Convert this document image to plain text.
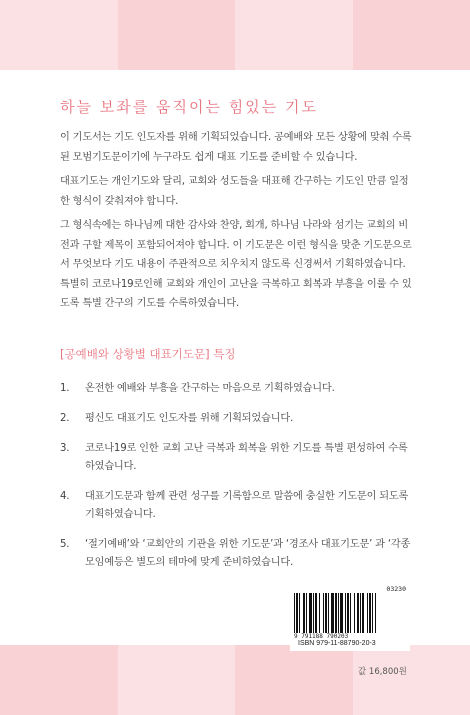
하늘 보좌를 움직이는 힘있는 기도

이 기도서는 기도 인도자를 위해 기획되었습니다. 공예배와 모든 상황에 맞춰 수록된 모범기도문이기에 누구라도 쉽게 대표 기도를 준비할 수 있습니다.

대표기도는 개인기도와 달리, 교회와 성도들을 대표해 간구하는 기도인 만큼 일정한 형식이 갖춰져야 합니다.

그 형식속에는 하나님께 대한 감사와 찬양, 회개, 하나님 나라와 섬기는 교회의 비전과 구할 제목이 포함되어져야 합니다. 이 기도문은 이런 형식을 맞춘 기도문으로서 무엇보다 기도 내용이 주관적으로 치우치지 않도록 신경써서 기획하였습니다. 특별히 코로나19로인해 교회와 개인이 고난을 극복하고 회복과 부흥을 이룰 수 있도록 특별 간구의 기도를 수록하였습니다.

[공예배와 상황별 대표기도문] 특징
1.	온전한 예배와 부흥을 간구하는 마음으로 기획하였습니다.
2.	평신도 대표기도 인도자를 위해 기획되었습니다.
3.	코로나19로 인한 교회 고난 극복과 회복을 위한 기도를 특별 편성하여 수록하였습니다.
4.	대표기도문과 함께 관련 성구를 기록함으로 말씀에 충실한 기도문이 되도록 기획하였습니다.
5.	‘절기예배’와 ‘교회안의 기관을 위한 기도문’과 ‘경조사 대표기도문’ 과 ‘각종 모임예등은 별도의 테마에 맞게 준비하였습니다.
03230
9 791188 790203
ISBN 979-11-88790-20-3
값 16,800원
